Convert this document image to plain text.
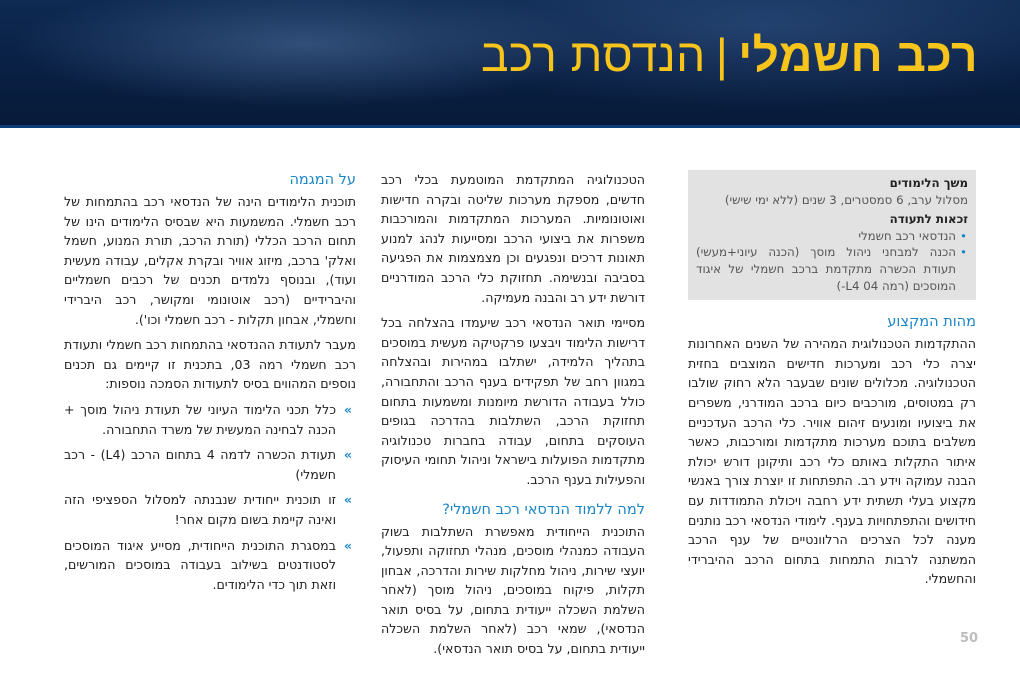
רכב חשמלי|הנדסת רכב
משך הלימודים
מסלול ערב, 6 סמסטרים, 3 שנים (ללא ימי שישי)
זכאות לתעודה
• הנדסאי רכב חשמלי
• הכנה למבחני ניהול מוסך (הכנה עיוני+מעשי) תעודת הכשרה מתקדמת ברכב חשמלי של איגוד המוסכים (רמה ‎L4 04-)
מהות המקצוע

ההתקדמות הטכנולוגית המהירה של השנים האחרונות יצרה כלי רכב ומערכות חדישים המוצבים בחזית הטכנולוגיה. מכלולים שונים שבעבר הלא רחוק שולבו רק במטוסים, מורכבים כיום ברכב המודרני, משפרים את ביצועיו ומונעים זיהום אוויר. כלי הרכב העדכניים משלבים בתוכם מערכות מתקדמות ומורכבות, כאשר איתור התקלות באותם כלי רכב ותיקונן דורש יכולת הבנה עמוקה וידע רב. התפתחות זו יוצרת צורך באנשי מקצוע בעלי תשתית ידע רחבה ויכולת התמודדות עם חידושים והתפתחויות בענף. לימודי הנדסאי רכב נותנים מענה לכל הצרכים הרלוונטיים של ענף הרכב המשתנה לרבות התמחות בתחום הרכב ההיברידי והחשמלי.

הטכנולוגיה המתקדמת המוטמעת בכלי רכב חדשים, מספקת מערכות שליטה ובקרה חדישות ואוטונומיות. המערכות המתקדמות והמורכבות משפרות את ביצועי הרכב ומסייעות לנהג למנוע תאונות דרכים ונפגעים וכן מצמצמות את הפגיעה בסביבה ובנשימה. תחזוקת כלי הרכב המודרניים דורשת ידע רב והבנה מעמיקה.

מסיימי תואר הנדסאי רכב שיעמדו בהצלחה בכל דרישות הלימוד ויבצעו פרקטיקה מעשית במוסכים בתהליך הלמידה, ישתלבו במהירות ובהצלחה במגוון רחב של תפקידים בענף הרכב והתחבורה, כולל בעבודה הדורשת מיומנות ומשמעות בתחום תחזוקת הרכב, השתלבות בהדרכה בגופים העוסקים בתחום, עבודה בחברות טכנולוגיה מתקדמות הפועלות בישראל וניהול תחומי העיסוק והפעילות בענף הרכב.

למה ללמוד הנדסאי רכב חשמלי?

התוכנית הייחודית מאפשרת השתלבות בשוק העבודה כמנהלי מוסכים, מנהלי תחזוקה ותפעול, יועצי שירות, ניהול מחלקות שירות והדרכה, אבחון תקלות, פיקוח במוסכים, ניהול מוסך (לאחר השלמת השכלה ייעודית בתחום, על בסיס תואר הנדסאי), שמאי רכב (לאחר השלמת השכלה ייעודית בתחום, על בסיס תואר הנדסאי).

על המגמה

תוכנית הלימודים הינה של הנדסאי רכב בהתמחות של רכב חשמלי. המשמעות היא שבסיס הלימודים הינו של תחום הרכב הכללי (תורת הרכב, תורת המנוע, חשמל ואלק' ברכב, מיזוג אוויר ובקרת אקלים, עבודה מעשית ועוד), ובנוסף נלמדים תכנים של רכבים חשמליים והיברידיים (רכב אוטונומי ומקושר, רכב היברידי וחשמלי, אבחון תקלות - רכב חשמלי וכו').

מעבר לתעודת ההנדסאי בהתמחות רכב חשמלי ותעודת רכב חשמלי רמה 03, בתכנית זו קיימים גם תכנים נוספים המהווים בסיס לתעודות הסמכה נוספות:

» כלל תכני הלימוד העיוני של תעודת ניהול מוסך + הכנה לבחינה המעשית של משרד התחבורה.
» תעודת הכשרה לדמה 4 בתחום הרכב (L4) - רכב חשמלי)
» זו תוכנית ייחודית שנבנתה למסלול הספציפי הזה ואינה קיימת בשום מקום אחר!
» במסגרת התוכנית הייחודית, מסייע איגוד המוסכים לסטודנטים בשילוב בעבודה במוסכים המורשים, וזאת תוך כדי הלימודים.
50
